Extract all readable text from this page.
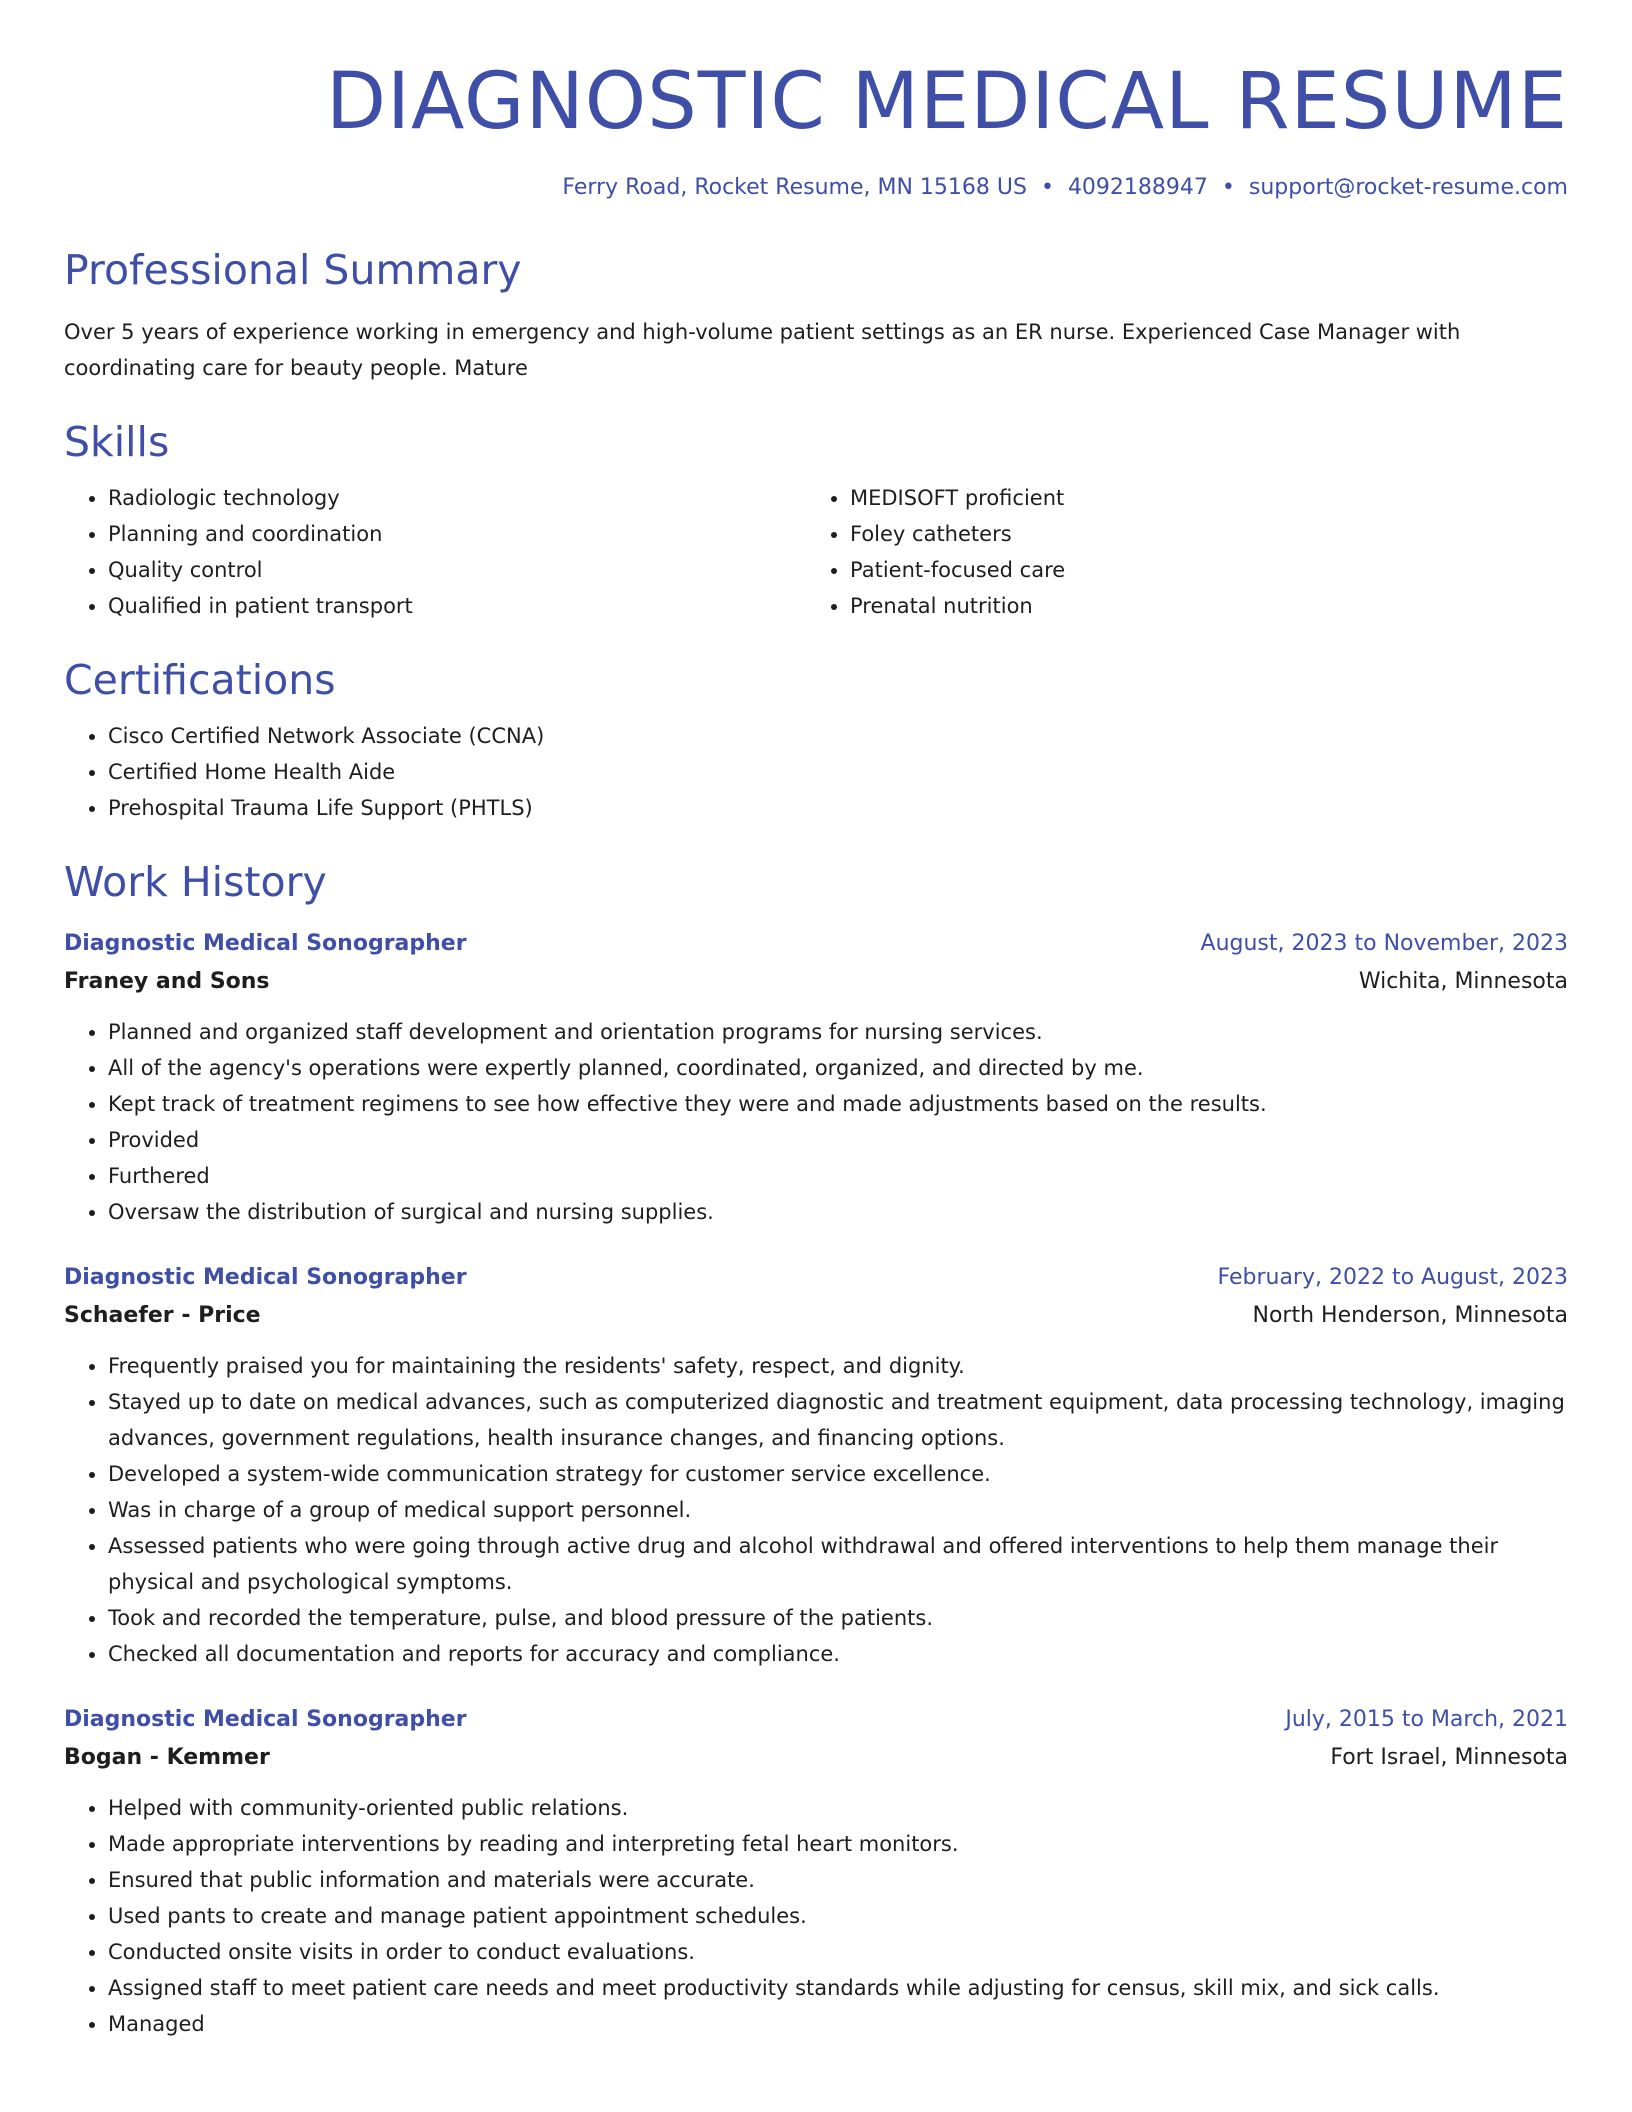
DIAGNOSTIC MEDICAL RESUME
Ferry Road, Rocket Resume, MN 15168 US • 4092188947 • support@rocket-resume.com
Professional Summary

Over 5 years of experience working in emergency and high-volume patient settings as an ER nurse. Experienced Case Manager with coordinating care for beauty people. Mature

Skills
• Radiologic technology
• Planning and coordination
• Quality control
• Qualified in patient transport
• MEDISOFT proficient
• Foley catheters
• Patient-focused care
• Prenatal nutrition
Certifications
• Cisco Certified Network Associate (CCNA)
• Certified Home Health Aide
• Prehospital Trauma Life Support (PHTLS)
Work History
Diagnostic Medical Sonographer	August, 2023 to November, 2023
Franey and Sons	Wichita, Minnesota
• Planned and organized staff development and orientation programs for nursing services.
• All of the agency's operations were expertly planned, coordinated, organized, and directed by me.
• Kept track of treatment regimens to see how effective they were and made adjustments based on the results.
• Provided
• Furthered
• Oversaw the distribution of surgical and nursing supplies.
Diagnostic Medical Sonographer	February, 2022 to August, 2023
Schaefer - Price	North Henderson, Minnesota
• Frequently praised you for maintaining the residents' safety, respect, and dignity.
• Stayed up to date on medical advances, such as computerized diagnostic and treatment equipment, data processing technology, imaging advances, government regulations, health insurance changes, and financing options.
• Developed a system-wide communication strategy for customer service excellence.
• Was in charge of a group of medical support personnel.
• Assessed patients who were going through active drug and alcohol withdrawal and offered interventions to help them manage their physical and psychological symptoms.
• Took and recorded the temperature, pulse, and blood pressure of the patients.
• Checked all documentation and reports for accuracy and compliance.
Diagnostic Medical Sonographer	July, 2015 to March, 2021
Bogan - Kemmer	Fort Israel, Minnesota
• Helped with community-oriented public relations.
• Made appropriate interventions by reading and interpreting fetal heart monitors.
• Ensured that public information and materials were accurate.
• Used pants to create and manage patient appointment schedules.
• Conducted onsite visits in order to conduct evaluations.
• Assigned staff to meet patient care needs and meet productivity standards while adjusting for census, skill mix, and sick calls.
• Managed
